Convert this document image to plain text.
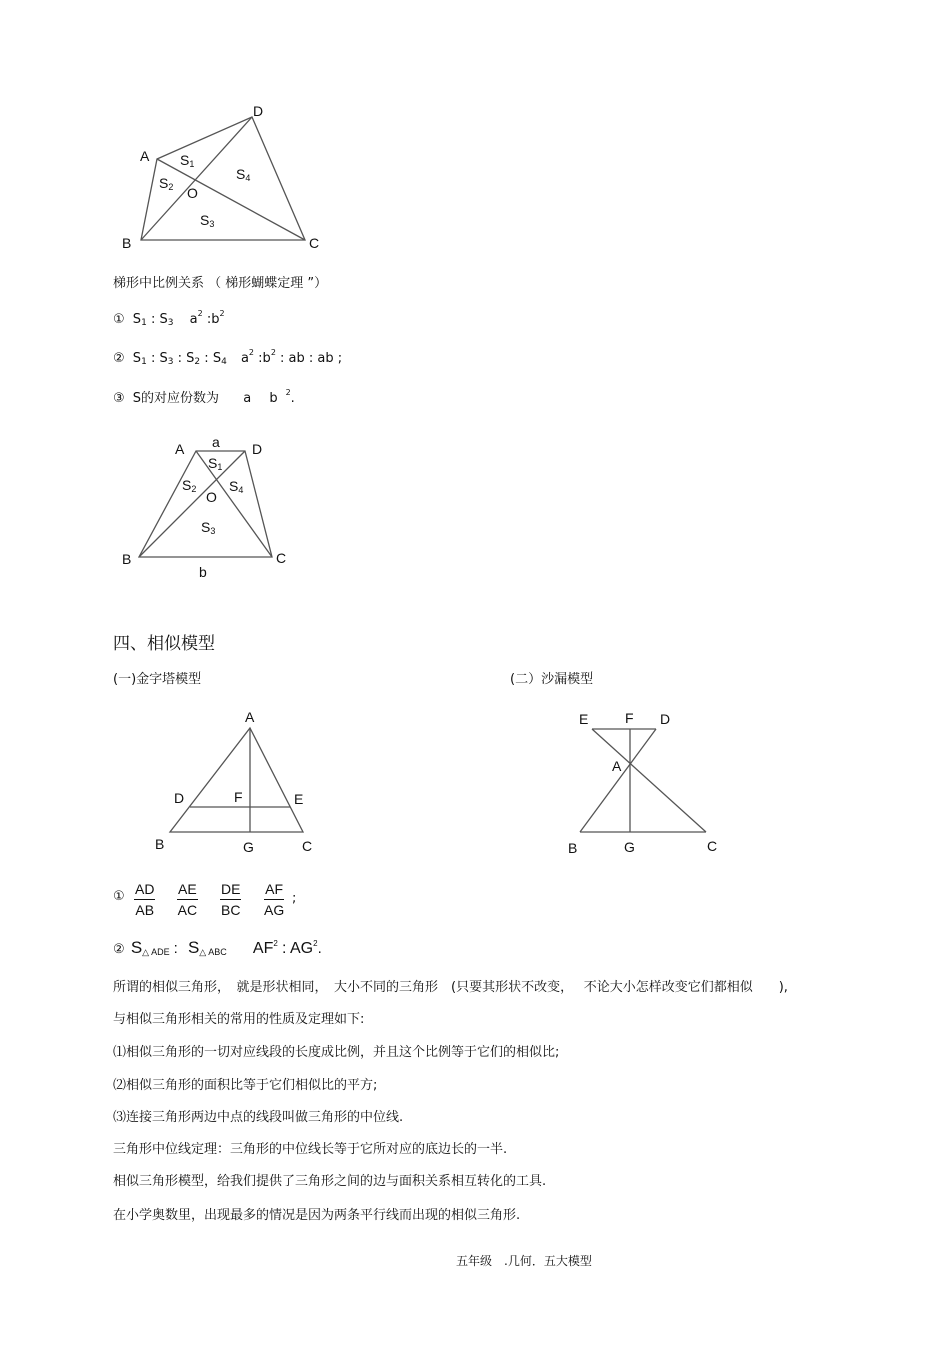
D
A
B	C
O
$S_1$
$S_2$
$S_4$
$S_3$
梯形中比例关系 （ 梯形蝴蝶定理 ”）
① $S_1$ : $S_3$ $a^2$ $:b^2$
② $S_1$ : $S_3$ : $S_2$ : $S_4$ $a^2$ $:b^2$ : ab : ab ;
③ S的对应份数为 a b $^2$.
a
A	D
$S_1$
$S_2$ $S_4$
O
$S_3$
B	C
b
四、相似模型
(一)金字塔模型	(二）沙漏模型
A
D	F	E
B	G	C
E	F D
A
B	G	C
① $\frac{AD}{AB} \frac{AE}{AC} \frac{DE}{BC} \frac{AF}{AG}$ ;
② $S_{\triangle ADE}$ : $S_{\triangle ABC}$ $AF^2$ : $AG^2$.
所谓的相似三角形，　就是形状相同，　大小不同的三角形　(只要其形状不改变，　 不论大小怎样改变它们都相似　　),
与相似三角形相关的常用的性质及定理如下:
⑴相似三角形的一切对应线段的长度成比例，并且这个比例等于它们的相似比;
⑵相似三角形的面积比等于它们相似比的平方;
⑶连接三角形两边中点的线段叫做三角形的中位线.
三角形中位线定理：三角形的中位线长等于它所对应的底边长的一半.
相似三角形模型，给我们提供了三角形之间的边与面积关系相互转化的工具.
在小学奥数里，出现最多的情况是因为两条平行线而出现的相似三角形.
五年级　.几何．五大模型
